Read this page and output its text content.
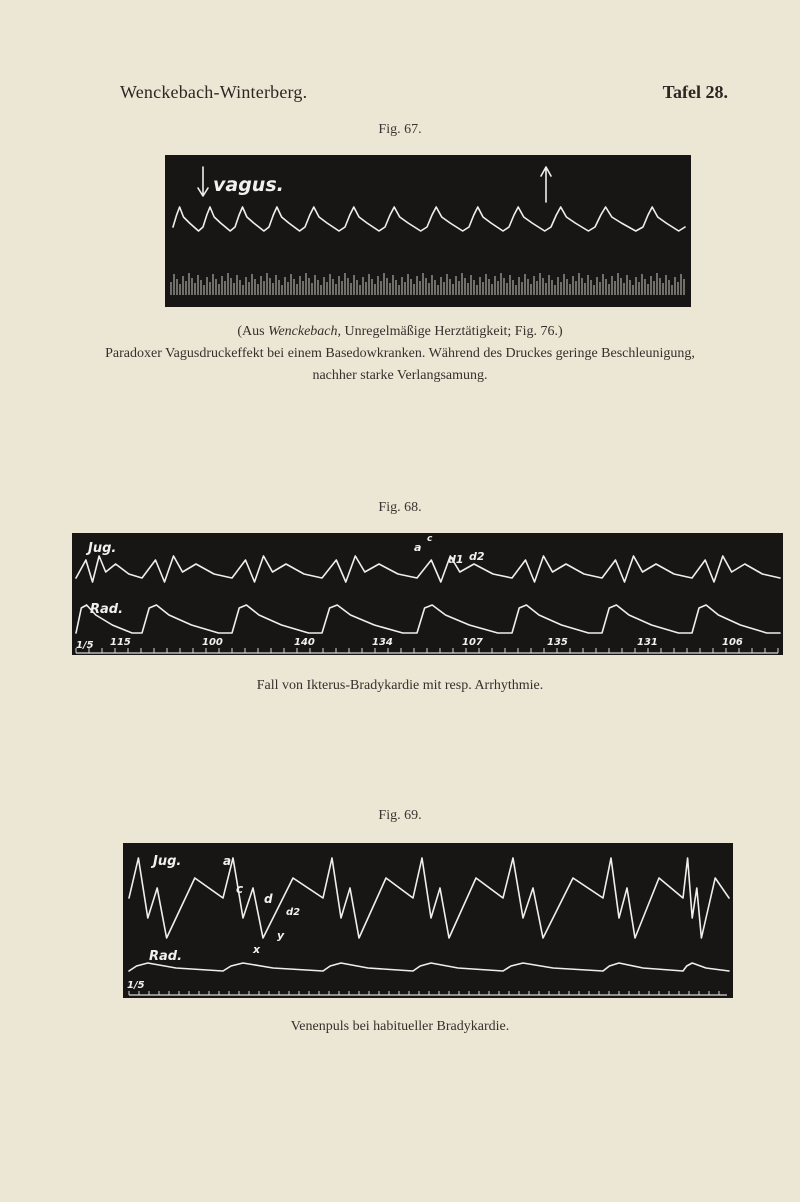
Wenckebach-Winterberg.	Tafel 28.
Fig. 67.
vagus.
(Aus Wenckebach, Unregelmäßige Herztätigkeit; Fig. 76.)
Paradoxer Vagusdruckeffekt bei einem Basedowkranken. Während des Druckes geringe Beschleunigung,
nachher starke Verlangsamung.
Fig. 68.
Jug.
Rad.
1/5
a
c
d1 d2
115	100	140	134	107	135	131	106
Fall von Ikterus-Bradykardie mit resp. Arrhythmie.
Fig. 69.
Jug.
Rad.
1/5
a
c
d
d2
x
y
Venenpuls bei habitueller Bradykardie.
